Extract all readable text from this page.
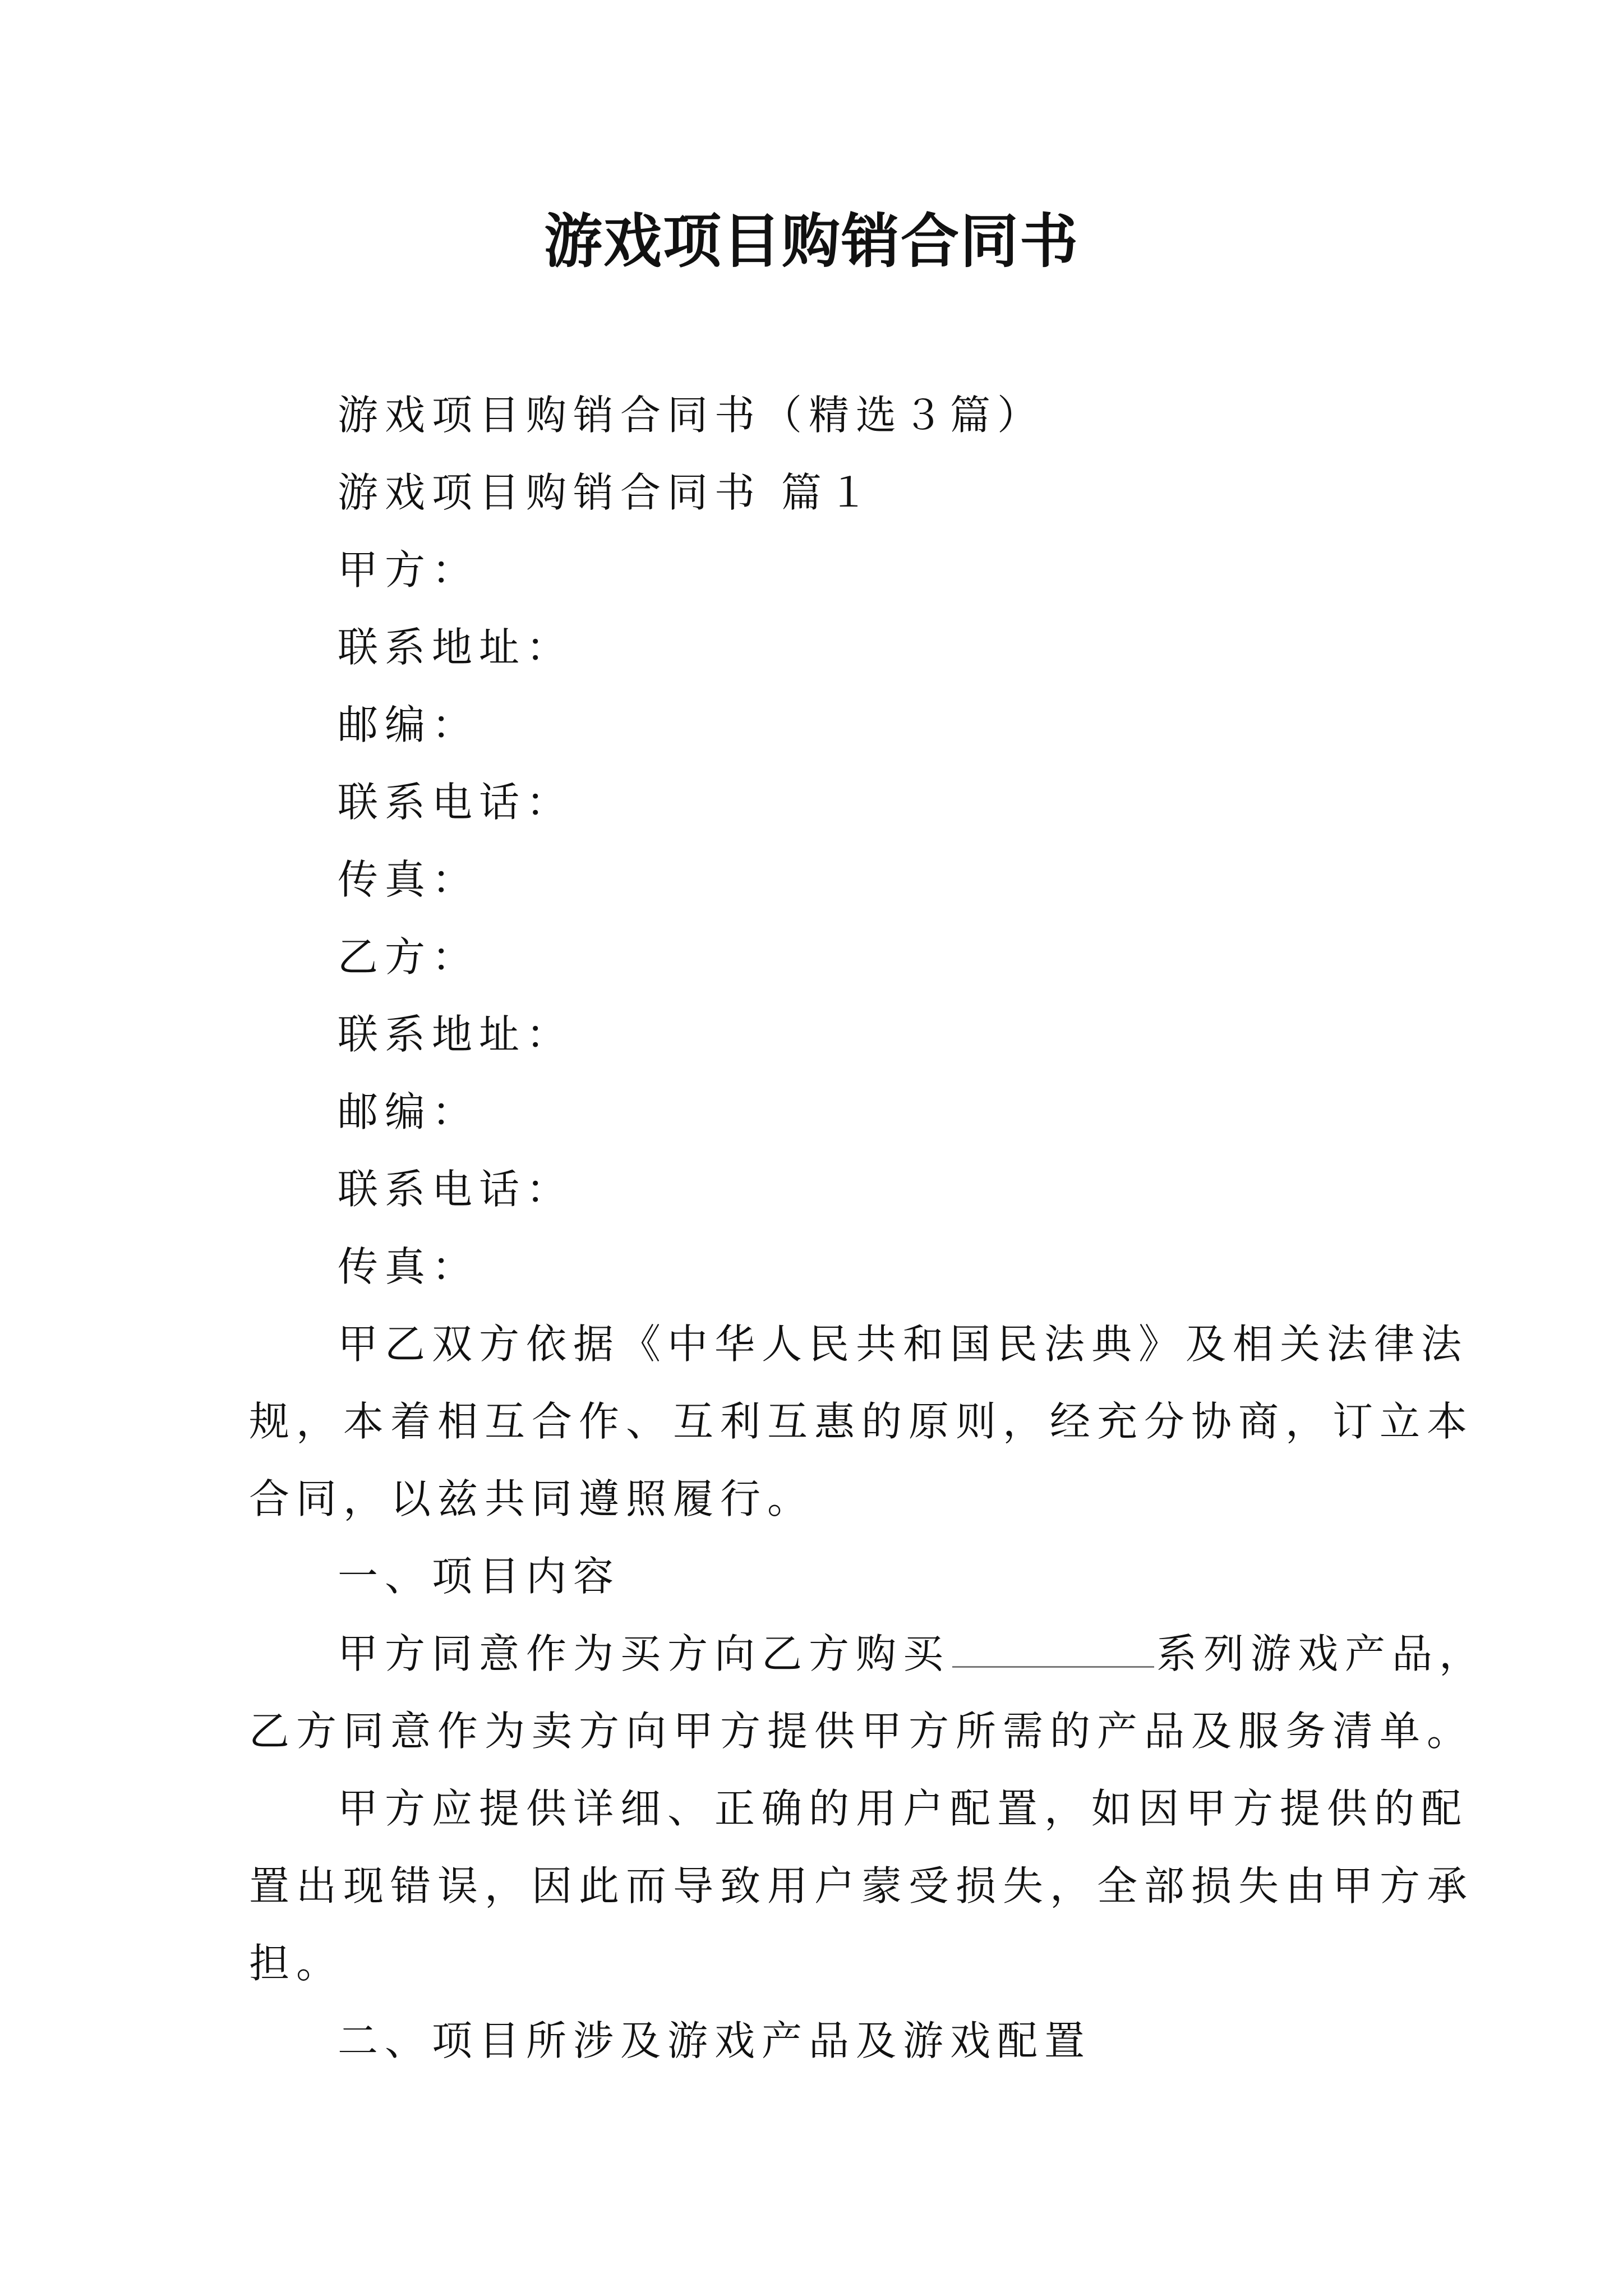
游戏项目购销合同书
游戏项目购销合同书（精选３篇）
游戏项目购销合同书 篇１
甲方：
联系地址：
邮编：
联系电话：
传真：
乙方：
联系地址：
邮编：
联系电话：
传真：
甲乙双方依据《中华人民共和国民法典》及相关法律法
规，本着相互合作、互利互惠的原则，经充分协商，订立本
合同，以兹共同遵照履行。
一、项目内容
甲方同意作为买方向乙方购买	系列游戏产品，
乙方同意作为卖方向甲方提供甲方所需的产品及服务清单。
甲方应提供详细、正确的用户配置，如因甲方提供的配
置出现错误，因此而导致用户蒙受损失，全部损失由甲方承
担。
二、项目所涉及游戏产品及游戏配置
